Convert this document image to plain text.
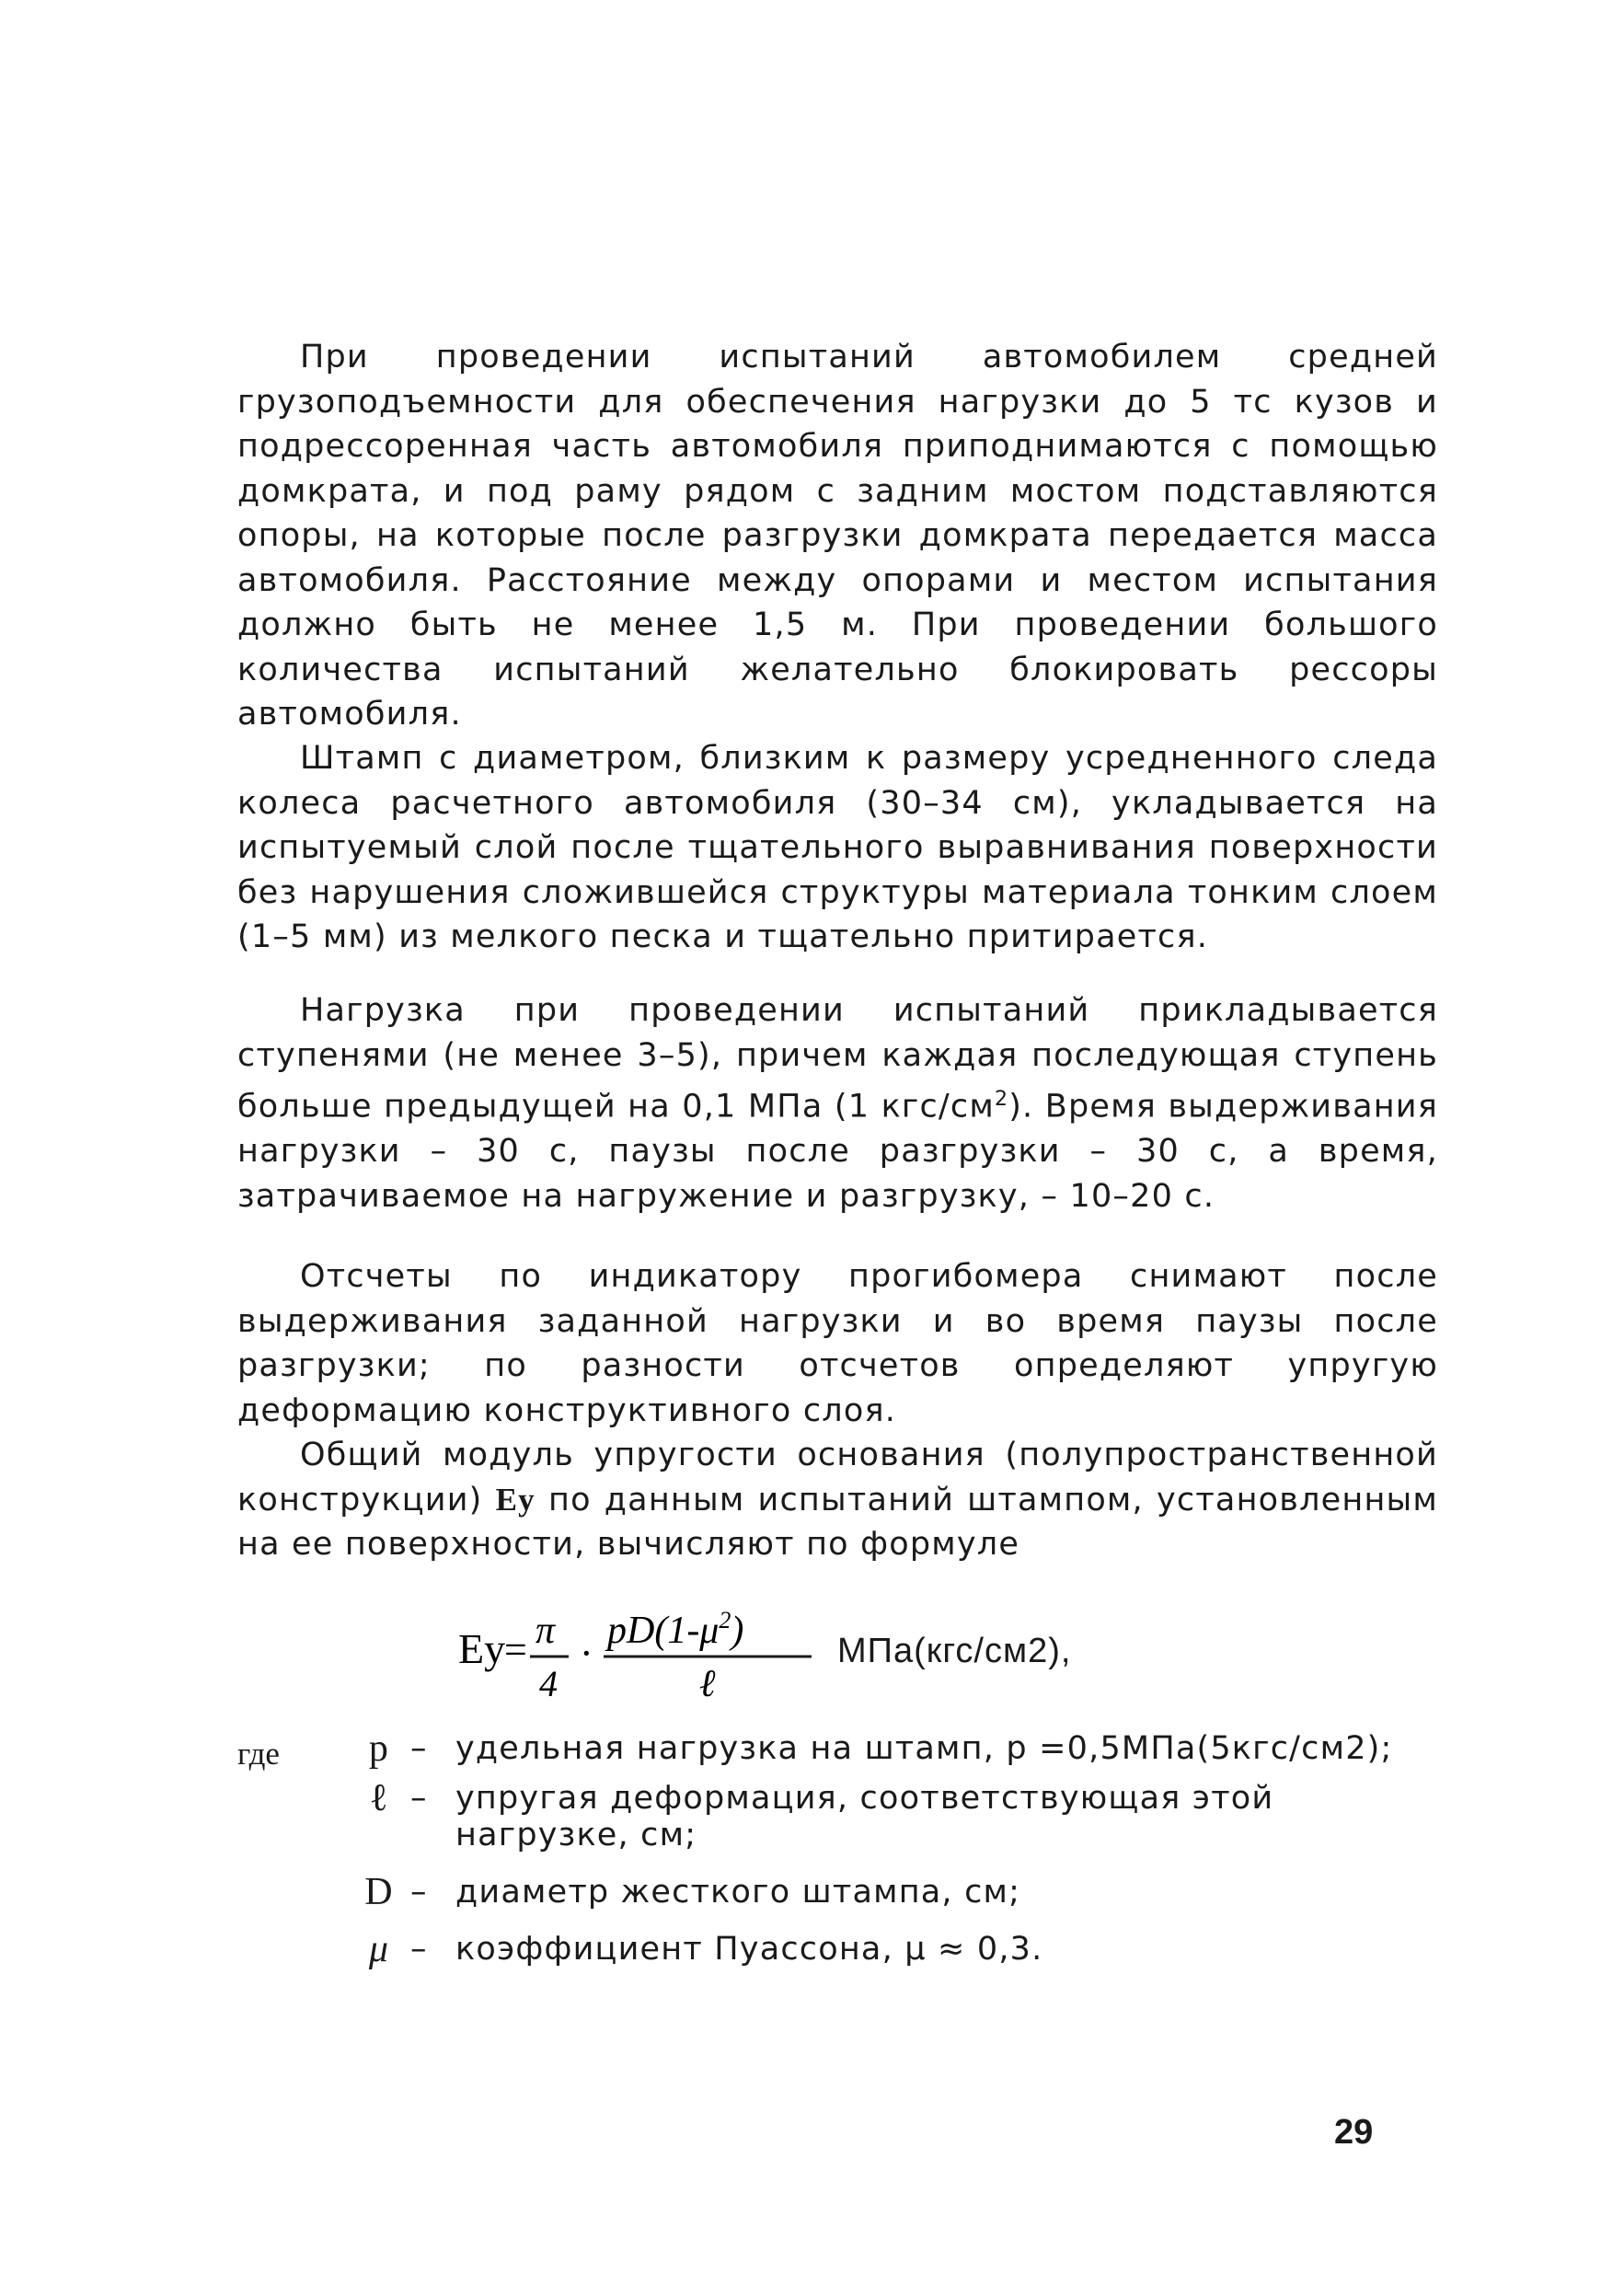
При проведении испытаний автомобилем средней грузоподъемности для обеспечения нагрузки до 5 тс кузов и подрессоренная часть автомобиля приподнимаются с помощью домкрата, и под раму рядом с задним мостом подставляются опоры, на которые после разгрузки домкрата передается масса автомобиля. Расстояние между опорами и местом испытания должно быть не менее 1,5 м. При проведении большого количества испытаний желательно блокировать рессоры автомобиля.

Штамп с диаметром, близким к размеру усредненного следа колеса расчетного автомобиля (30–34 см), укладывается на испытуемый слой после тщательного выравнивания поверхности без нарушения сложившейся структуры материала тонким слоем (1–5 мм) из мелкого песка и тщательно притирается.

Нагрузка при проведении испытаний прикладывается ступенями (не менее 3–5), причем каждая последующая ступень больше предыдущей на 0,1 МПа (1 кгс/$см^2$). Время выдерживания нагрузки – 30 с, паузы после разгрузки – 30 с, а время, затрачиваемое на нагружение и разгрузку, – 10–20 с.

Отсчеты по индикатору прогибомера снимают после выдерживания заданной нагрузки и во время паузы после разгрузки; по разности отсчетов определяют упругую деформацию конструктивного слоя.

Общий модуль упругости основания (полупространственной конструкции) Eу по данным испытаний штампом, установленным на ее поверхности, вычисляют по формуле

Eу
= π
4
· $pD(1-\mu^2)$
ℓ
МПа(кгс/см2),
где p – удельная нагрузка на штамп, p =0,5МПа(5кгс/см2);
ℓ – упругая деформация, соответствующая этой нагрузке, см;
D – диаметр жесткого штампа, см;
μ – коэффициент Пуассона, μ ≈ 0,3.
29
